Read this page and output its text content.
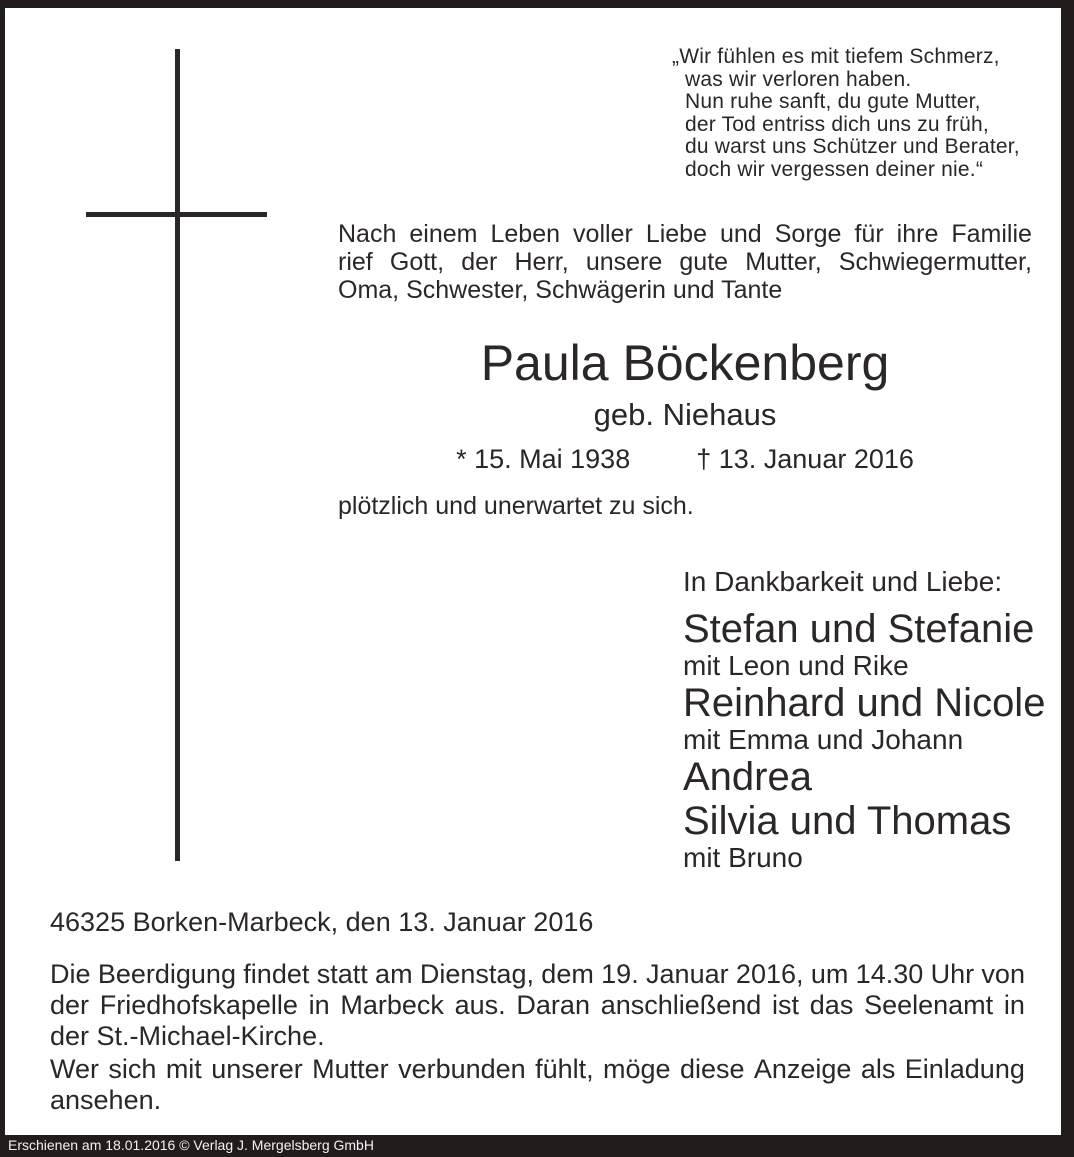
„Wir fühlen es mit tiefem Schmerz,
was wir verloren haben.
Nun ruhe sanft, du gute Mutter,
der Tod entriss dich uns zu früh,
du warst uns Schützer und Berater,
doch wir vergessen deiner nie.“
Nach einem Leben voller Liebe und Sorge für ihre Familie
rief Gott, der Herr, unsere gute Mutter, Schwiegermutter,
Oma, Schwester, Schwägerin und Tante
Paula Böckenberg
geb. Niehaus
* 15. Mai 1938 † 13. Januar 2016
plötzlich und unerwartet zu sich.
In Dankbarkeit und Liebe:
Stefan und Stefanie
mit Leon und Rike
Reinhard und Nicole
mit Emma und Johann
Andrea
Silvia und Thomas
mit Bruno
46325 Borken-Marbeck, den 13. Januar 2016
Die Beerdigung findet statt am Dienstag, dem 19. Januar 2016, um 14.30 Uhr von
der Friedhofskapelle in Marbeck aus. Daran anschließend ist das Seelenamt in
der St.-Michael-Kirche.
Wer sich mit unserer Mutter verbunden fühlt, möge diese Anzeige als Einladung
ansehen.
Erschienen am 18.01.2016 © Verlag J. Mergelsberg GmbH
